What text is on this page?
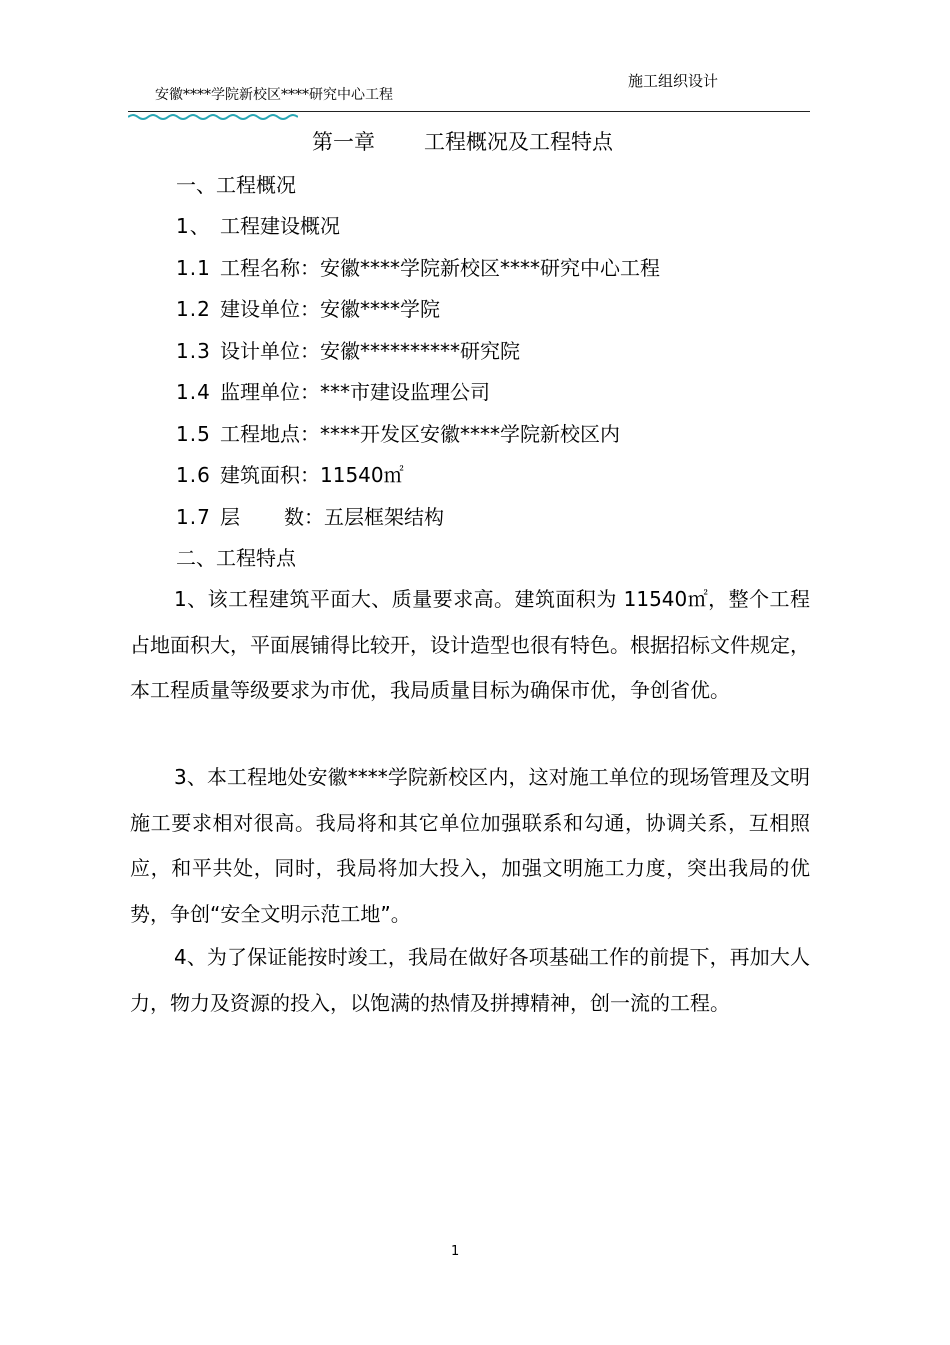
安徽****学院新校区****研究中心工程
施工组织设计
第一章 工程概况及工程特点
一、工程概况
1、 工程建设概况
1.1 工程名称：安徽****学院新校区****研究中心工程
1.2 建设单位：安徽****学院
1.3 设计单位：安徽**********研究院
1.4 监理单位：***市建设监理公司
1.5 工程地点：****开发区安徽****学院新校区内
1.6 建筑面积：11540㎡
1.7 层 数：五层框架结构
二、工程特点

1、该工程建筑平面大、质量要求高。建筑面积为 11540㎡，整个工程占地面积大，平面展铺得比较开，设计造型也很有特色。根据招标文件规定，本工程质量等级要求为市优，我局质量目标为确保市优，争创省优。

3、本工程地处安徽****学院新校区内，这对施工单位的现场管理及文明施工要求相对很高。我局将和其它单位加强联系和勾通，协调关系，互相照应，和平共处，同时，我局将加大投入，加强文明施工力度，突出我局的优势，争创“安全文明示范工地”。

4、为了保证能按时竣工，我局在做好各项基础工作的前提下，再加大人力，物力及资源的投入，以饱满的热情及拼搏精神，创一流的工程。

1
